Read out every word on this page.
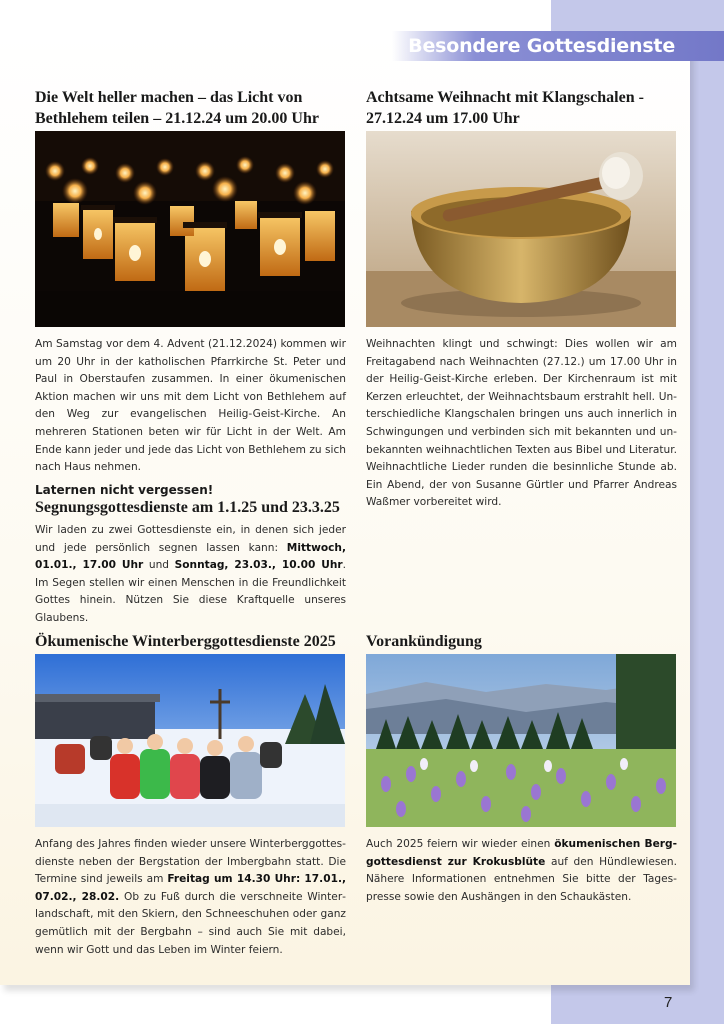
Besondere Gottesdienste
Die Welt heller machen – das Licht von Bethlehem teilen – 21.12.24 um 20.00 Uhr

Am Samstag vor dem 4. Advent (21.12.2024) kommen wir um 20 Uhr in der katholischen Pfarrkirche St. Peter und Paul in Oberstaufen zusammen. In einer ökumenischen Aktion machen wir uns mit dem Licht von Bethlehem auf den Weg zur evangelischen Heilig-Geist-Kirche. An mehreren Stationen beten wir für Licht in der Welt. Am Ende kann jeder und jede das Licht von Bethlehem zu sich nach Haus nehmen.

Laternen nicht vergessen!

Achtsame Weihnacht mit Klangschalen - 27.12.24 um 17.00 Uhr

Weihnachten klingt und schwingt: Dies wollen wir am Freitagabend nach Weihnachten (27.12.) um 17.00 Uhr in der Heilig-Geist-Kirche erleben. Der Kirchenraum ist mit Kerzen erleuchtet, der Weihnachtsbaum erstrahlt hell. Unterschiedliche Klangschalen bringen uns auch innerlich in Schwingungen und verbinden sich mit bekannten und unbekannten weihnachtlichen Texten aus Bibel und Literatur. Weihnachtliche Lieder runden die besinnliche Stunde ab. Ein Abend, der von Susanne Gürtler und Pfarrer Andreas Waßmer vorbereitet wird.

Segnungsgottesdienste am 1.1.25 und 23.3.25

Wir laden zu zwei Gottesdienste ein, in denen sich jeder und jede persönlich segnen lassen kann: Mittwoch, 01.01., 17.00 Uhr und Sonntag, 23.03., 10.00 Uhr. Im Segen stellen wir einen Menschen in die Freundlichkeit Gottes hinein. Nützen Sie diese Kraftquelle unseres Glaubens.

Ökumenische Winterberggottesdienste 2025

Anfang des Jahres finden wieder unsere Winterberggottesdienste neben der Bergstation der Imbergbahn statt. Die Termine sind jeweils am Freitag um 14.30 Uhr: 17.01., 07.02., 28.02. Ob zu Fuß durch die verschneite Winterlandschaft, mit den Skiern, den Schneeschuhen oder ganz gemütlich mit der Bergbahn – sind auch Sie mit dabei, wenn wir Gott und das Leben im Winter feiern.

Vorankündigung

Auch 2025 feiern wir wieder einen ökumenischen Berggottesdienst zur Krokusblüte auf den Hündlewiesen. Nähere Informationen entnehmen Sie bitte der Tagespresse sowie den Aushängen in den Schaukästen.

7
